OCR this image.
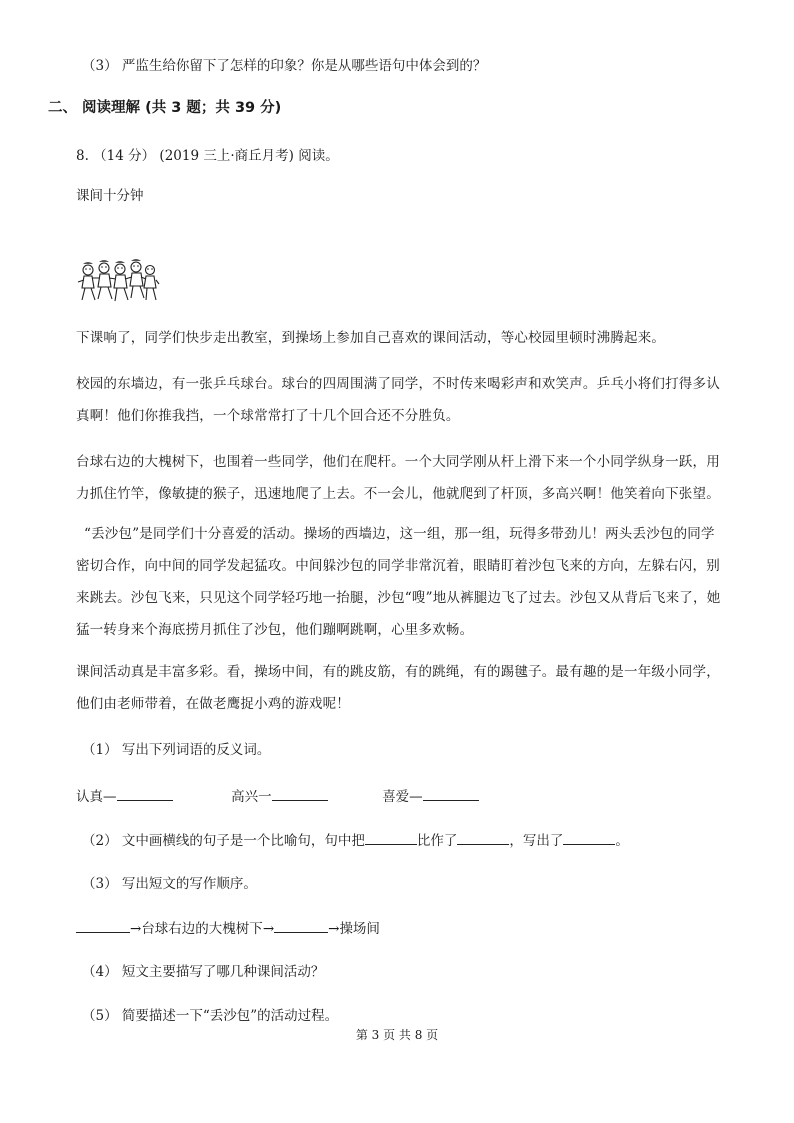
（3） 严监生给你留下了怎样的印象？你是从哪些语句中体会到的？
二、 阅读理解 (共 3 题；共 39 分)
8. （14 分） (2019 三上·商丘月考) 阅读。
课间十分钟
下课响了，同学们快步走出教室，到操场上参加自己喜欢的课间活动，等心校园里顿时沸腾起来。
校园的东墙边，有一张乒乓球台。球台的四周围满了同学，不时传来喝彩声和欢笑声。乒乓小将们打得多认真啊！他们你推我挡，一个球常常打了十几个回合还不分胜负。
台球右边的大槐树下，也围着一些同学，他们在爬杆。一个大同学刚从杆上滑下来一个小同学纵身一跃，用力抓住竹竿，像敏捷的猴子，迅速地爬了上去。不一会儿，他就爬到了杆顶，多高兴啊！他笑着向下张望。
“丢沙包”是同学们十分喜爱的活动。操场的西墙边，这一组，那一组，玩得多带劲儿！两头丢沙包的同学密切合作，向中间的同学发起猛攻。中间躲沙包的同学非常沉着，眼睛盯着沙包飞来的方向，左躲右闪，别来跳去。沙包飞来，只见这个同学轻巧地一抬腿，沙包“嗖”地从裤腿边飞了过去。沙包又从背后飞来了，她猛一转身来个海底捞月抓住了沙包，他们蹦啊跳啊，心里多欢畅。
课间活动真是丰富多彩。看，操场中间，有的跳皮筋，有的跳绳，有的踢毽子。最有趣的是一年级小同学，他们由老师带着，在做老鹰捉小鸡的游戏呢！
（1） 写出下列词语的反义词。
认真—	高兴一	喜爱—
（2） 文中画横线的句子是一个比喻句，句中把	比作了	，写出了	。
（3） 写出短文的写作顺序。
→台球右边的大槐树下→	→操场间
（4） 短文主要描写了哪几种课间活动？
（5） 简要描述一下“丢沙包”的活动过程。
第 3 页 共 8 页
